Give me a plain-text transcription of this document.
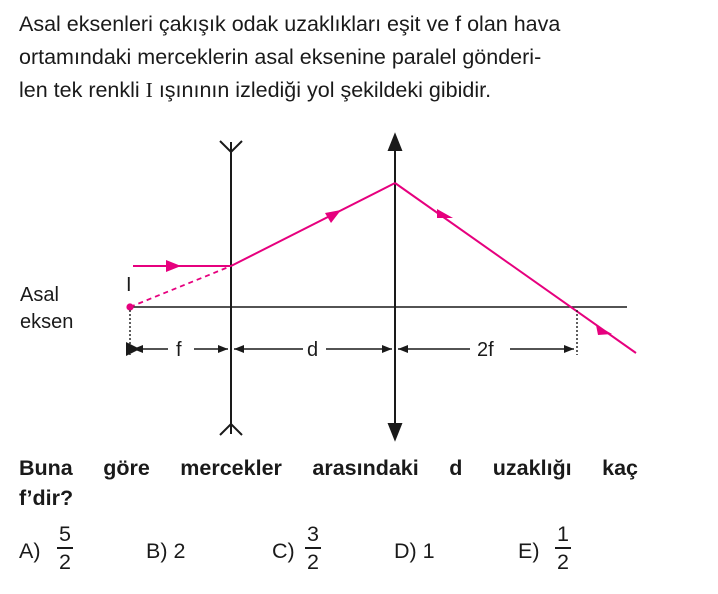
Asal eksenleri çakışık odak uzaklıkları eşit ve f olan hava
ortamındaki merceklerin asal eksenine paralel gönderi-
len tek renkli I ışınının izlediği yol şekildeki gibidir.

Asal
eksen
I
f	d	2f

Buna göre mercekler arasındaki d uzaklığı kaç
f’dir?

A)
5
2	B) 2	C)
3
2	D) 1	E)
1
2
